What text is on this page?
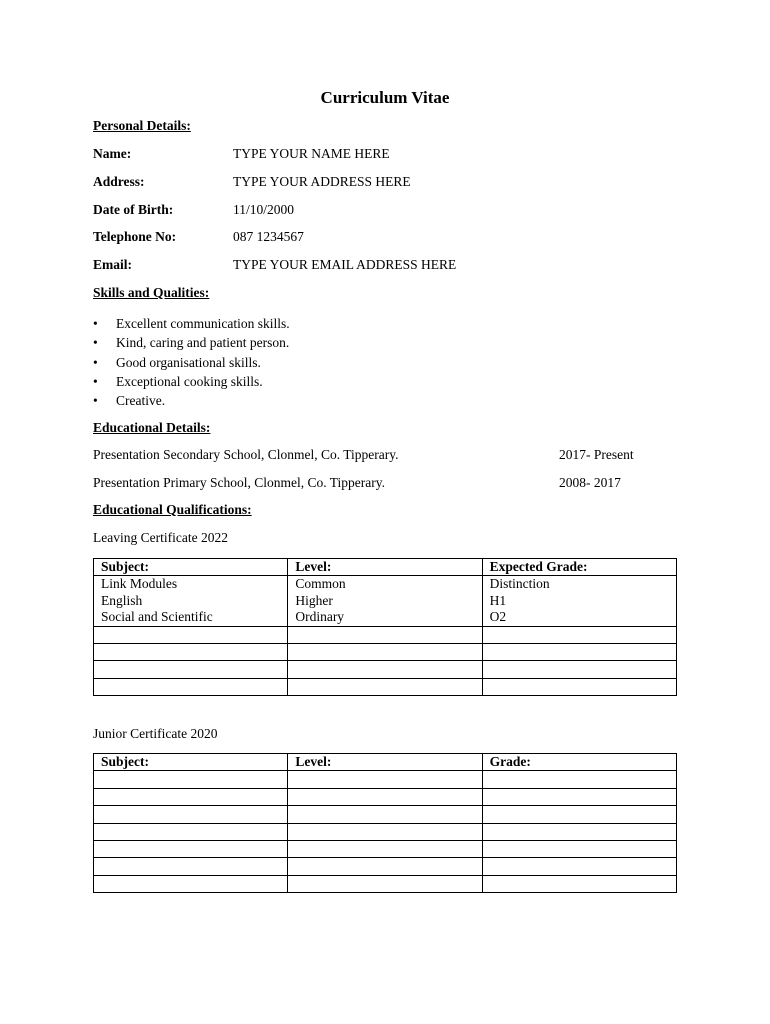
Curriculum Vitae
Personal Details:
Name:	TYPE YOUR NAME HERE
Address:	TYPE YOUR ADDRESS HERE
Date of Birth:	11/10/2000
Telephone No:	087 1234567
Email:	TYPE YOUR EMAIL ADDRESS HERE
Skills and Qualities:
• Excellent communication skills.
• Kind, caring and patient person.
• Good organisational skills.
• Exceptional cooking skills.
• Creative.
Educational Details:
Presentation Secondary School, Clonmel, Co. Tipperary.	2017- Present
Presentation Primary School, Clonmel, Co. Tipperary.	2008- 2017
Educational Qualifications:
Leaving Certificate 2022
Subject:	Level:	Expected Grade:
Link Modules	Common	Distinction
English	Higher	H1
Social and Scientific	Ordinary	O2

Junior Certificate 2020
Subject:	Level:	Grade:
